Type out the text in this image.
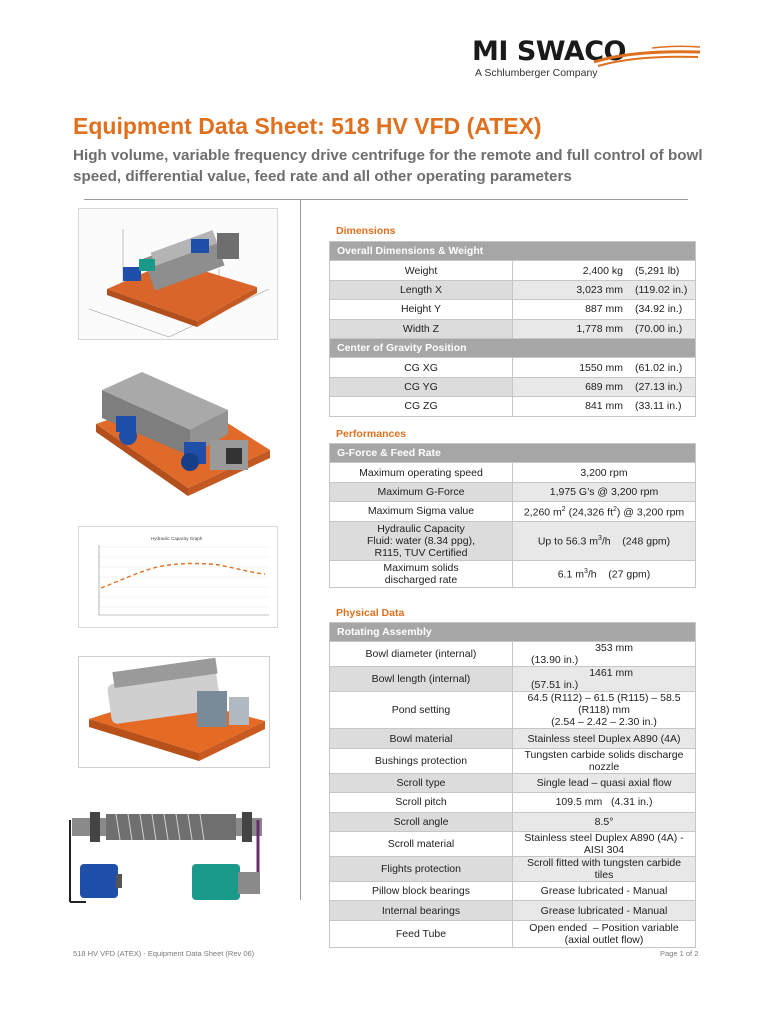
MI SWACO
A Schlumberger Company
Equipment Data Sheet: 518 HV VFD (ATEX)

High volume, variable frequency drive centrifuge for the remote and full control of bowl speed, differential value, feed rate and all other operating parameters

Hydraulic Capacity Graph
Dimensions
Overall Dimensions & Weight	
Weight	2,400 kg (5,291 lb)
Length X	3,023 mm (119.02 in.)
Height Y	887 mm (34.92 in.)
Width Z	1,778 mm (70.00 in.)
Center of Gravity Position	
CG XG	1550 mm (61.02 in.)
CG YG	689 mm (27.13 in.)
CG ZG	841 mm (33.11 in.)
Performances
G-Force & Feed Rate	
Maximum operating speed	3,200 rpm
Maximum G-Force	1,975 G’s @ 3,200 rpm
Maximum Sigma value	2,260 $m^2$ (24,326 $ft^2$) @ 3,200 rpm

Hydraulic Capacity
Fluid: water (8.34 ppg),
R115, TUV Certified	Up to 56.3 $m^3/h$    (248 gpm)

Maximum solids
discharged rate	6.1 $m^3/h$    (27 gpm)
Physical Data
Rotating Assembly	
Bowl diameter (internal)	353 mm(13.90 in.)
Bowl length (internal)	1461 mm(57.51 in.)
Pond setting	64.5 (R112) – 61.5 (R115) – 58.5 (R118) mm
(2.54 – 2.42 – 2.30 in.)

Bowl material	Stainless steel Duplex A890 (4A)
Bushings protection	Tungsten carbide solids discharge nozzle
Scroll type	Single lead – quasi axial flow
Scroll pitch	109.5 mm   (4.31 in.)
Scroll angle	8.5°
Scroll material	Stainless steel Duplex A890 (4A) - AISI 304
Flights protection	Scroll fitted with tungsten carbide tiles
Pillow block bearings	Grease lubricated - Manual
Internal bearings	Grease lubricated - Manual
Feed Tube	Open ended  – Position variable
(axial outlet flow)
518 HV VFD (ATEX) - Equipment Data Sheet (Rev 06)	Page 1 of 2
